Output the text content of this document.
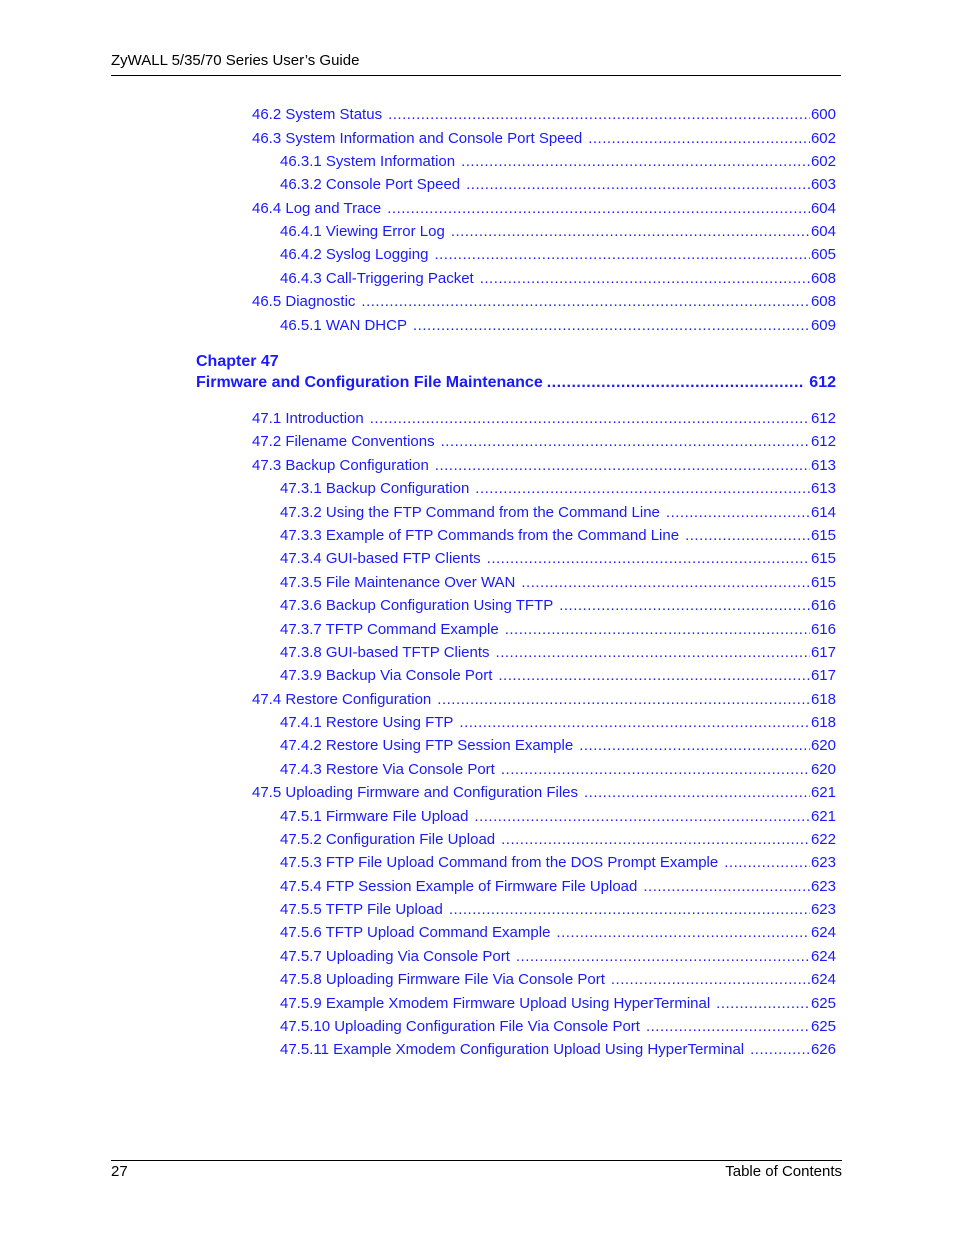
ZyWALL 5/35/70 Series User’s Guide
46.2 System Status .....	600
46.3 System Information and Console Port Speed .....	602
46.3.1 System Information .....	602
46.3.2 Console Port Speed .....	603
46.4 Log and Trace .....	604
46.4.1 Viewing Error Log .....	604
46.4.2 Syslog Logging .....	605
46.4.3 Call-Triggering Packet .....	608
46.5 Diagnostic .....	608
46.5.1 WAN DHCP .....	609
Chapter 47
Firmware and Configuration File Maintenance .....	612
47.1 Introduction .....	612
47.2 Filename Conventions .....	612
47.3 Backup Configuration .....	613
47.3.1 Backup Configuration .....	613
47.3.2 Using the FTP Command from the Command Line .....	614
47.3.3 Example of FTP Commands from the Command Line .....	615
47.3.4 GUI-based FTP Clients .....	615
47.3.5 File Maintenance Over WAN .....	615
47.3.6 Backup Configuration Using TFTP .....	616
47.3.7 TFTP Command Example .....	616
47.3.8 GUI-based TFTP Clients .....	617
47.3.9 Backup Via Console Port .....	617
47.4 Restore Configuration .....	618
47.4.1 Restore Using FTP .....	618
47.4.2 Restore Using FTP Session Example .....	620
47.4.3 Restore Via Console Port .....	620
47.5 Uploading Firmware and Configuration Files .....	621
47.5.1 Firmware File Upload .....	621
47.5.2 Configuration File Upload .....	622
47.5.3 FTP File Upload Command from the DOS Prompt Example .....	623
47.5.4 FTP Session Example of Firmware File Upload .....	623
47.5.5 TFTP File Upload .....	623
47.5.6 TFTP Upload Command Example .....	624
47.5.7 Uploading Via Console Port .....	624
47.5.8 Uploading Firmware File Via Console Port .....	624
47.5.9 Example Xmodem Firmware Upload Using HyperTerminal .....	625
47.5.10 Uploading Configuration File Via Console Port .....	625
47.5.11 Example Xmodem Configuration Upload Using HyperTerminal .....	626
27	Table of Contents
